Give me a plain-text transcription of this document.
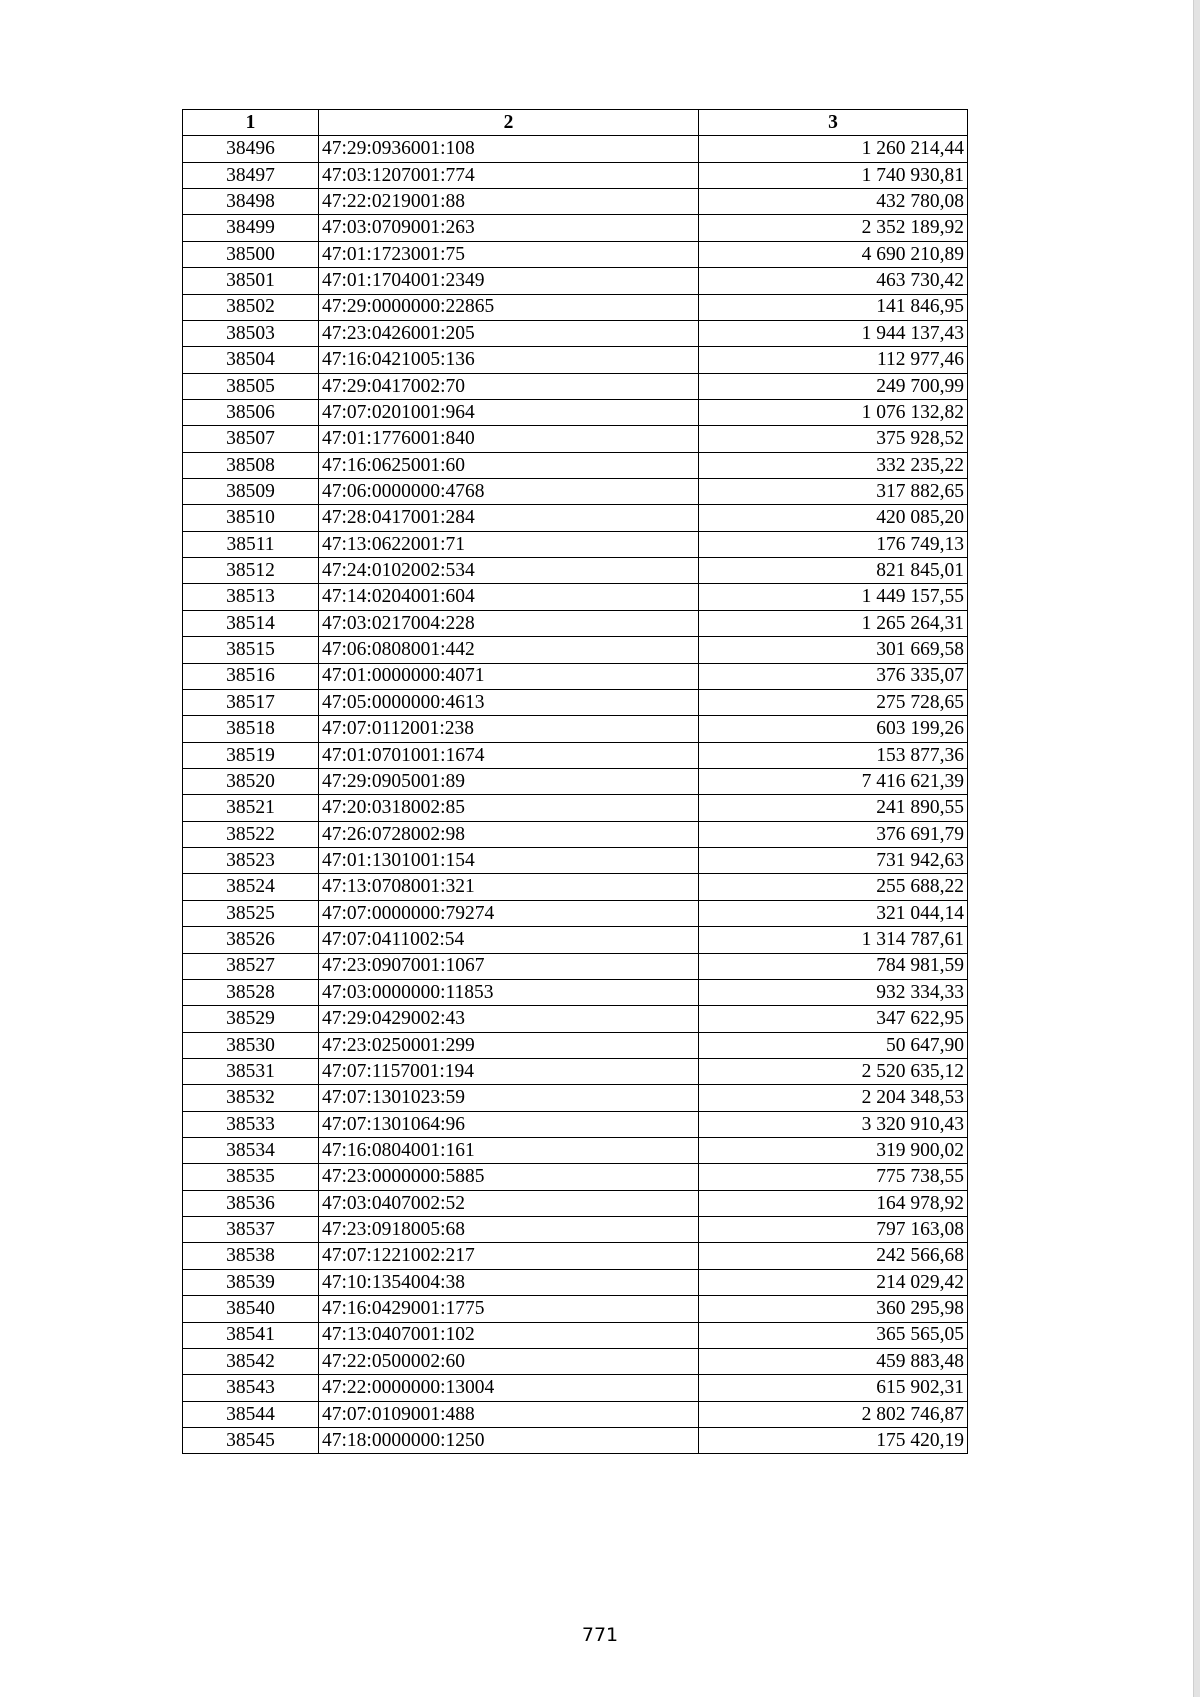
1	2	3
38496	47:29:0936001:108	1 260 214,44
38497	47:03:1207001:774	1 740 930,81
38498	47:22:0219001:88	432 780,08
38499	47:03:0709001:263	2 352 189,92
38500	47:01:1723001:75	4 690 210,89
38501	47:01:1704001:2349	463 730,42
38502	47:29:0000000:22865	141 846,95
38503	47:23:0426001:205	1 944 137,43
38504	47:16:0421005:136	112 977,46
38505	47:29:0417002:70	249 700,99
38506	47:07:0201001:964	1 076 132,82
38507	47:01:1776001:840	375 928,52
38508	47:16:0625001:60	332 235,22
38509	47:06:0000000:4768	317 882,65
38510	47:28:0417001:284	420 085,20
38511	47:13:0622001:71	176 749,13
38512	47:24:0102002:534	821 845,01
38513	47:14:0204001:604	1 449 157,55
38514	47:03:0217004:228	1 265 264,31
38515	47:06:0808001:442	301 669,58
38516	47:01:0000000:4071	376 335,07
38517	47:05:0000000:4613	275 728,65
38518	47:07:0112001:238	603 199,26
38519	47:01:0701001:1674	153 877,36
38520	47:29:0905001:89	7 416 621,39
38521	47:20:0318002:85	241 890,55
38522	47:26:0728002:98	376 691,79
38523	47:01:1301001:154	731 942,63
38524	47:13:0708001:321	255 688,22
38525	47:07:0000000:79274	321 044,14
38526	47:07:0411002:54	1 314 787,61
38527	47:23:0907001:1067	784 981,59
38528	47:03:0000000:11853	932 334,33
38529	47:29:0429002:43	347 622,95
38530	47:23:0250001:299	50 647,90
38531	47:07:1157001:194	2 520 635,12
38532	47:07:1301023:59	2 204 348,53
38533	47:07:1301064:96	3 320 910,43
38534	47:16:0804001:161	319 900,02
38535	47:23:0000000:5885	775 738,55
38536	47:03:0407002:52	164 978,92
38537	47:23:0918005:68	797 163,08
38538	47:07:1221002:217	242 566,68
38539	47:10:1354004:38	214 029,42
38540	47:16:0429001:1775	360 295,98
38541	47:13:0407001:102	365 565,05
38542	47:22:0500002:60	459 883,48
38543	47:22:0000000:13004	615 902,31
38544	47:07:0109001:488	2 802 746,87
38545	47:18:0000000:1250	175 420,19
771
